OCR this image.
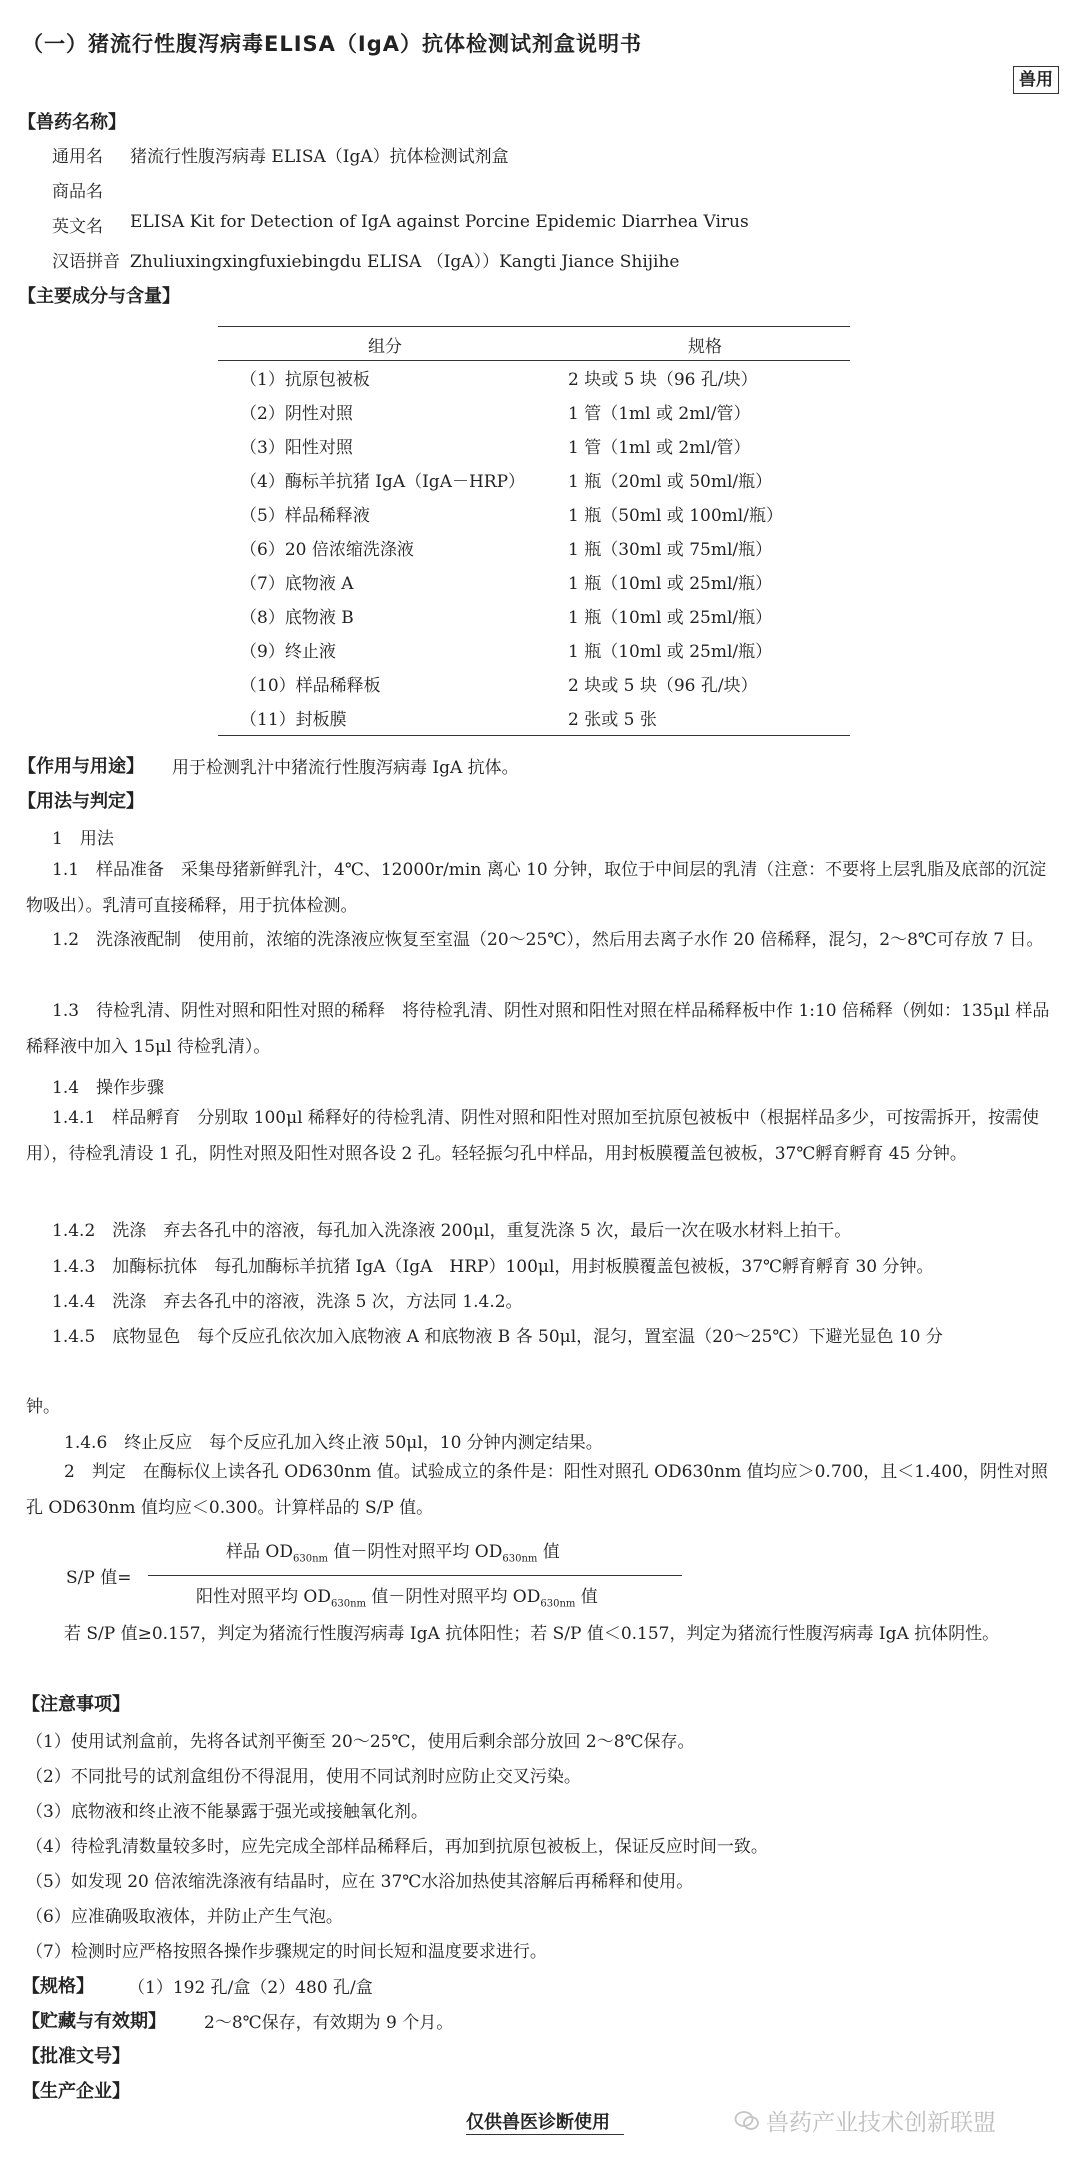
（一）猪流行性腹泻病毒ELISA（IgA）抗体检测试剂盒说明书
兽用
【兽药名称】
通用名 猪流行性腹泻病毒 ELISA（IgA）抗体检测试剂盒
商品名
英文名 ELISA Kit for Detection of IgA against Porcine Epidemic Diarrhea Virus
汉语拼音 Zhuliuxingxingfuxiebingdu ELISA （IgA））Kangti Jiance Shijihe
【主要成分与含量】
组分	规格
（1）抗原包被板	2 块或 5 块（96 孔/块）
（2）阴性对照	1 管（1ml 或 2ml/管）
（3）阳性对照	1 管（1ml 或 2ml/管）
（4）酶标羊抗猪 IgA（IgA－HRP）	1 瓶（20ml 或 50ml/瓶）
（5）样品稀释液	1 瓶（50ml 或 100ml/瓶）
（6）20 倍浓缩洗涤液	1 瓶（30ml 或 75ml/瓶）
（7）底物液 A	1 瓶（10ml 或 25ml/瓶）
（8）底物液 B	1 瓶（10ml 或 25ml/瓶）
（9）终止液	1 瓶（10ml 或 25ml/瓶）
（10）样品稀释板	2 块或 5 块（96 孔/块）
（11）封板膜	2 张或 5 张
【作用与用途】 用于检测乳汁中猪流行性腹泻病毒 IgA 抗体。
【用法与判定】
1　用法
1.1　样品准备　采集母猪新鲜乳汁，4℃、12000r/min 离心 10 分钟，取位于中间层的乳清（注意：不要将上层乳脂及底部的沉淀物吸出）。乳清可直接稀释，用于抗体检测。
1.2　洗涤液配制　使用前，浓缩的洗涤液应恢复至室温（20～25℃），然后用去离子水作 20 倍稀释，混匀，2～8℃可存放 7 日。
1.3　待检乳清、阴性对照和阳性对照的稀释　将待检乳清、阴性对照和阳性对照在样品稀释板中作 1:10 倍稀释（例如：135μl 样品稀释液中加入 15μl 待检乳清）。
1.4　操作步骤
1.4.1　样品孵育　分别取 100μl 稀释好的待检乳清、阴性对照和阳性对照加至抗原包被板中（根据样品多少，可按需拆开，按需使用），待检乳清设 1 孔，阴性对照及阳性对照各设 2 孔。轻轻振匀孔中样品，用封板膜覆盖包被板，37℃孵育孵育 45 分钟。
1.4.2　洗涤　弃去各孔中的溶液，每孔加入洗涤液 200μl，重复洗涤 5 次，最后一次在吸水材料上拍干。
1.4.3　加酶标抗体　每孔加酶标羊抗猪 IgA（IgA　HRP）100μl，用封板膜覆盖包被板，37℃孵育孵育 30 分钟。
1.4.4　洗涤　弃去各孔中的溶液，洗涤 5 次，方法同 1.4.2。
1.4.5　底物显色　每个反应孔依次加入底物液 A 和底物液 B 各 50μl，混匀，置室温（20～25℃）下避光显色 10 分
钟。
1.4.6　终止反应　每个反应孔加入终止液 50μl，10 分钟内测定结果。
2　判定　在酶标仪上读各孔 OD630nm 值。试验成立的条件是：阳性对照孔 OD630nm 值均应＞0.700，且＜1.400，阴性对照孔 OD630nm 值均应＜0.300。计算样品的 S/P 值。
S/P 值=
样品 $OD_{630nm}$ 值－阴性对照平均 $OD_{630nm}$ 值
阳性对照平均 $OD_{630nm}$ 值－阴性对照平均 $OD_{630nm}$ 值
若 S/P 值≥0.157，判定为猪流行性腹泻病毒 IgA 抗体阳性；若 S/P 值＜0.157，判定为猪流行性腹泻病毒 IgA 抗体阴性。
【注意事项】
（1）使用试剂盒前，先将各试剂平衡至 20～25℃，使用后剩余部分放回 2～8℃保存。
（2）不同批号的试剂盒组份不得混用，使用不同试剂时应防止交叉污染。
（3）底物液和终止液不能暴露于强光或接触氧化剂。
（4）待检乳清数量较多时，应先完成全部样品稀释后，再加到抗原包被板上，保证反应时间一致。
（5）如发现 20 倍浓缩洗涤液有结晶时，应在 37℃水浴加热使其溶解后再稀释和使用。
（6）应准确吸取液体，并防止产生气泡。
（7）检测时应严格按照各操作步骤规定的时间长短和温度要求进行。
【规格】 （1）192 孔/盒（2）480 孔/盒
【贮藏与有效期】 2～8℃保存，有效期为 9 个月。
【批准文号】
【生产企业】
仅供兽医诊断使用	兽药产业技术创新联盟
